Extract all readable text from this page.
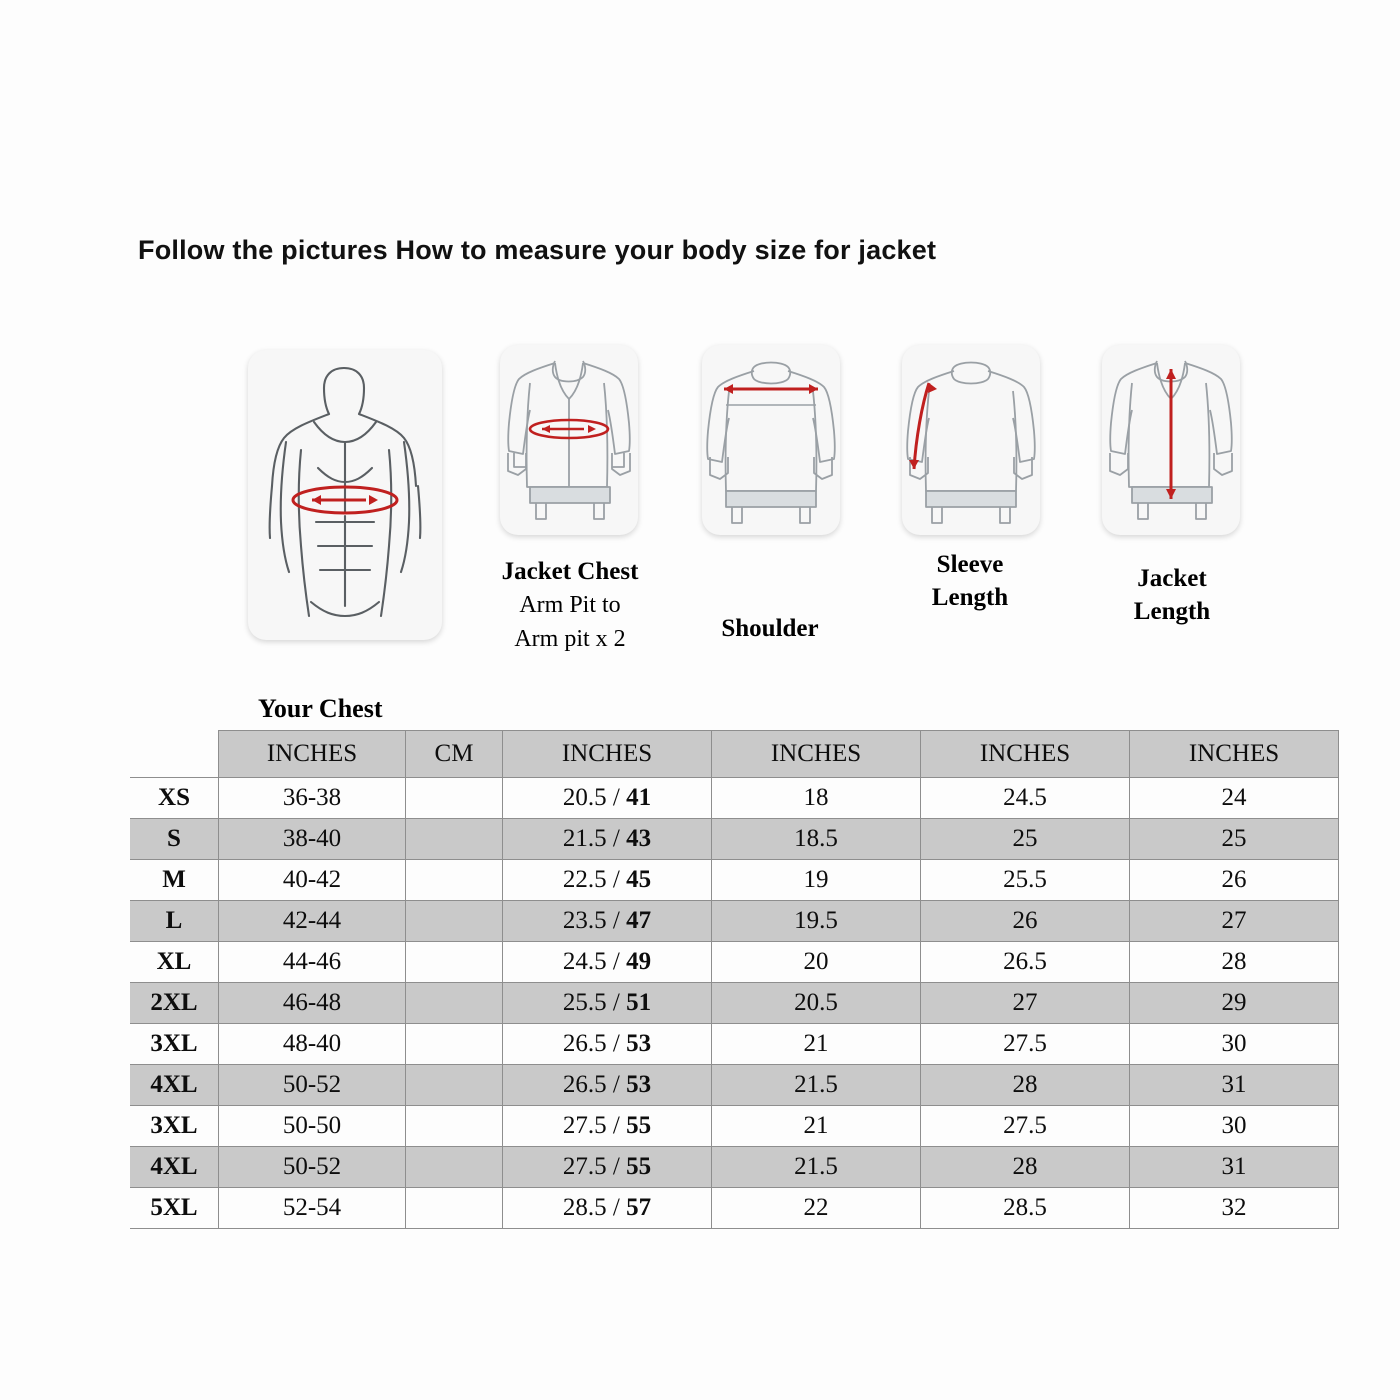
Follow the pictures How to measure your body size for jacket
Jacket Chest
Arm Pit to
Arm pit x 2	Shoulder
Sleeve
Length
Jacket
Length
Your Chest
	INCHES	CM	INCHES	INCHES	INCHES	INCHES
XS	36-38		20.5 / 41	18	24.5	24
S	38-40		21.5 / 43	18.5	25	25
M	40-42		22.5 / 45	19	25.5	26
L	42-44		23.5 / 47	19.5	26	27
XL	44-46		24.5 / 49	20	26.5	28
2XL	46-48		25.5 / 51	20.5	27	29
3XL	48-40		26.5 / 53	21	27.5	30
4XL	50-52		26.5 / 53	21.5	28	31
3XL	50-50		27.5 / 55	21	27.5	30
4XL	50-52		27.5 / 55	21.5	28	31
5XL	52-54		28.5 / 57	22	28.5	32
